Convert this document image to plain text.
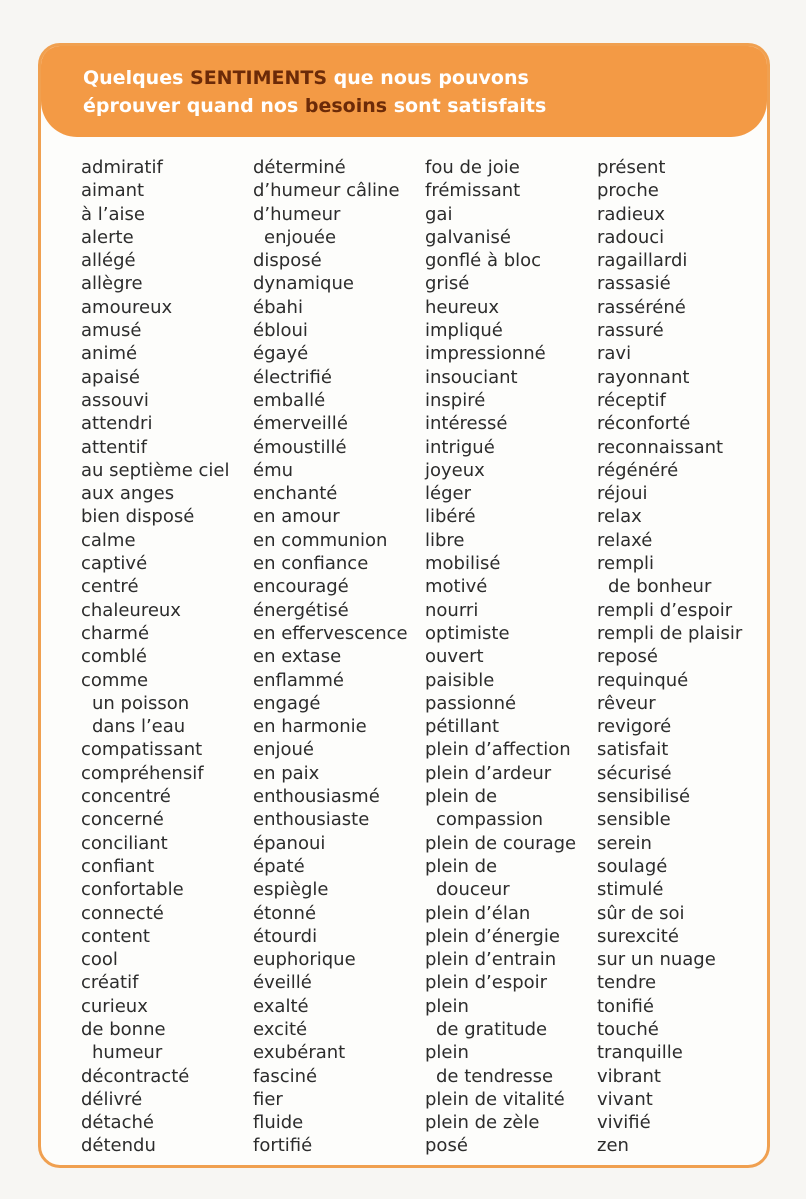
Quelques SENTIMENTS que nous pouvons
éprouver quand nos besoins sont satisfaits
admiratif
aimant
à l’aise
alerte
allégé
allègre
amoureux
amusé
animé
apaisé
assouvi
attendri
attentif
au septième ciel
aux anges
bien disposé
calme
captivé
centré
chaleureux
charmé
comblé
comme
un poisson
dans l’eau
compatissant
compréhensif
concentré
concerné
conciliant
confiant
confortable
connecté
content
cool
créatif
curieux
de bonne
humeur
décontracté
délivré
détaché
détendu
déterminé
d’humeur câline
d’humeur
enjouée
disposé
dynamique
ébahi
ébloui
égayé
électrifié
emballé
émerveillé
émoustillé
ému
enchanté
en amour
en communion
en confiance
encouragé
énergétisé
en effervescence
en extase
enflammé
engagé
en harmonie
enjoué
en paix
enthousiasmé
enthousiaste
épanoui
épaté
espiègle
étonné
étourdi
euphorique
éveillé
exalté
excité
exubérant
fasciné
fier
fluide
fortifié
fou de joie
frémissant
gai
galvanisé
gonflé à bloc
grisé
heureux
impliqué
impressionné
insouciant
inspiré
intéressé
intrigué
joyeux
léger
libéré
libre
mobilisé
motivé
nourri
optimiste
ouvert
paisible
passionné
pétillant
plein d’affection
plein d’ardeur
plein de
compassion
plein de courage
plein de
douceur
plein d’élan
plein d’énergie
plein d’entrain
plein d’espoir
plein
de gratitude
plein
de tendresse
plein de vitalité
plein de zèle
posé
présent
proche
radieux
radouci
ragaillardi
rassasié
rasséréné
rassuré
ravi
rayonnant
réceptif
réconforté
reconnaissant
régénéré
réjoui
relax
relaxé
rempli
de bonheur
rempli d’espoir
rempli de plaisir
reposé
requinqué
rêveur
revigoré
satisfait
sécurisé
sensibilisé
sensible
serein
soulagé
stimulé
sûr de soi
surexcité
sur un nuage
tendre
tonifié
touché
tranquille
vibrant
vivant
vivifié
zen
